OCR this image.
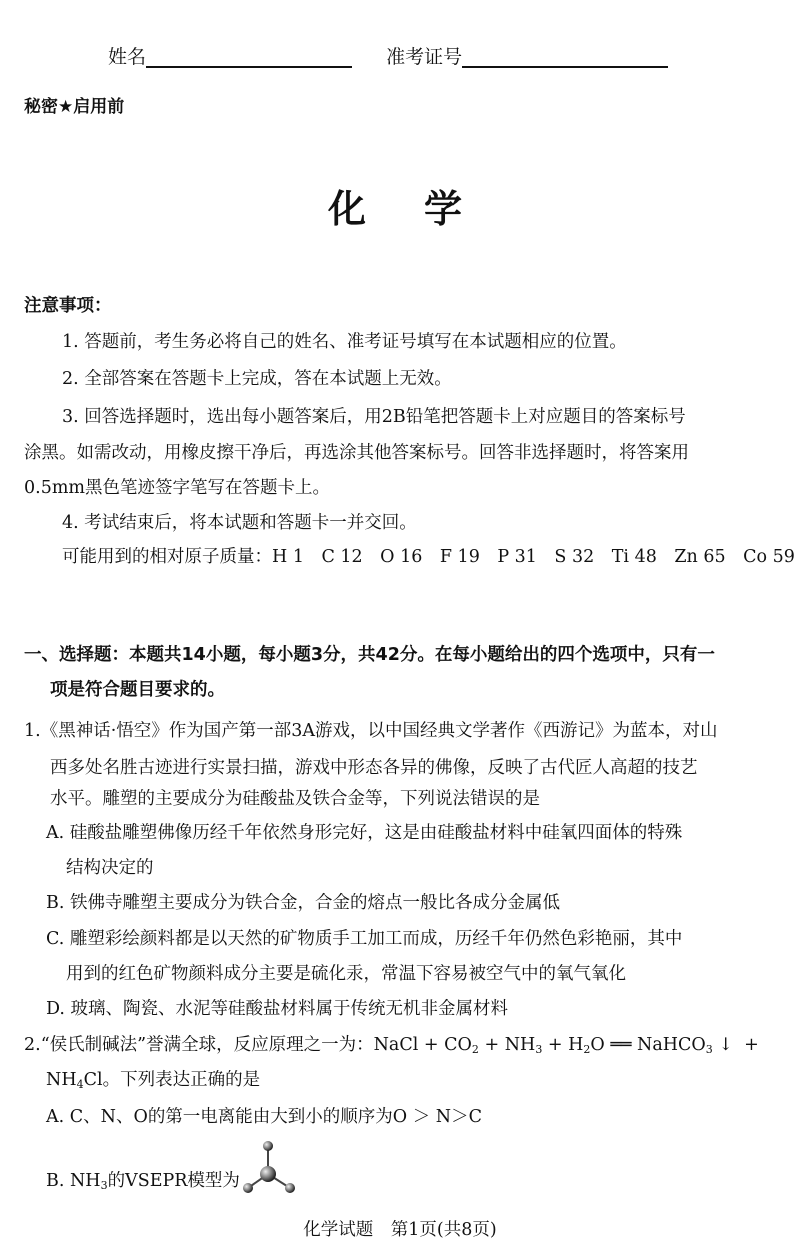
姓名	准考证号
秘密★启用前
化　学
注意事项：
1. 答题前，考生务必将自己的姓名、准考证号填写在本试题相应的位置。
2. 全部答案在答题卡上完成，答在本试题上无效。
3. 回答选择题时，选出每小题答案后，用2B铅笔把答题卡上对应题目的答案标号
涂黑。如需改动，用橡皮擦干净后，再选涂其他答案标号。回答非选择题时，将答案用
0.5mm黑色笔迹签字笔写在答题卡上。
4. 考试结束后，将本试题和答题卡一并交回。
可能用到的相对原子质量：H 1　C 12　O 16　F 19　P 31　S 32　Ti 48　Zn 65　Co 59
一、选择题：本题共14小题，每小题3分，共42分。在每小题给出的四个选项中，只有一
项是符合题目要求的。
1.《黑神话·悟空》作为国产第一部3A游戏，以中国经典文学著作《西游记》为蓝本，对山
西多处名胜古迹进行实景扫描，游戏中形态各异的佛像，反映了古代匠人高超的技艺
水平。雕塑的主要成分为硅酸盐及铁合金等，下列说法错误的是
A. 硅酸盐雕塑佛像历经千年依然身形完好，这是由硅酸盐材料中硅氧四面体的特殊
结构决定的
B. 铁佛寺雕塑主要成分为铁合金，合金的熔点一般比各成分金属低
C. 雕塑彩绘颜料都是以天然的矿物质手工加工而成，历经千年仍然色彩艳丽，其中
用到的红色矿物颜料成分主要是硫化汞，常温下容易被空气中的氧气氧化
D. 玻璃、陶瓷、水泥等硅酸盐材料属于传统无机非金属材料
2.“侯氏制碱法”誉满全球，反应原理之一为：NaCl + $CO_2 + NH_3 + H_2O$ ══ NaHCO$_3$ ↓ +
$NH_4Cl$。下列表达正确的是
A. C、N、O的第一电离能由大到小的顺序为O ＞ N＞C
B. $NH_3$的VSEPR模型为
化学试题　第1页(共8页)
